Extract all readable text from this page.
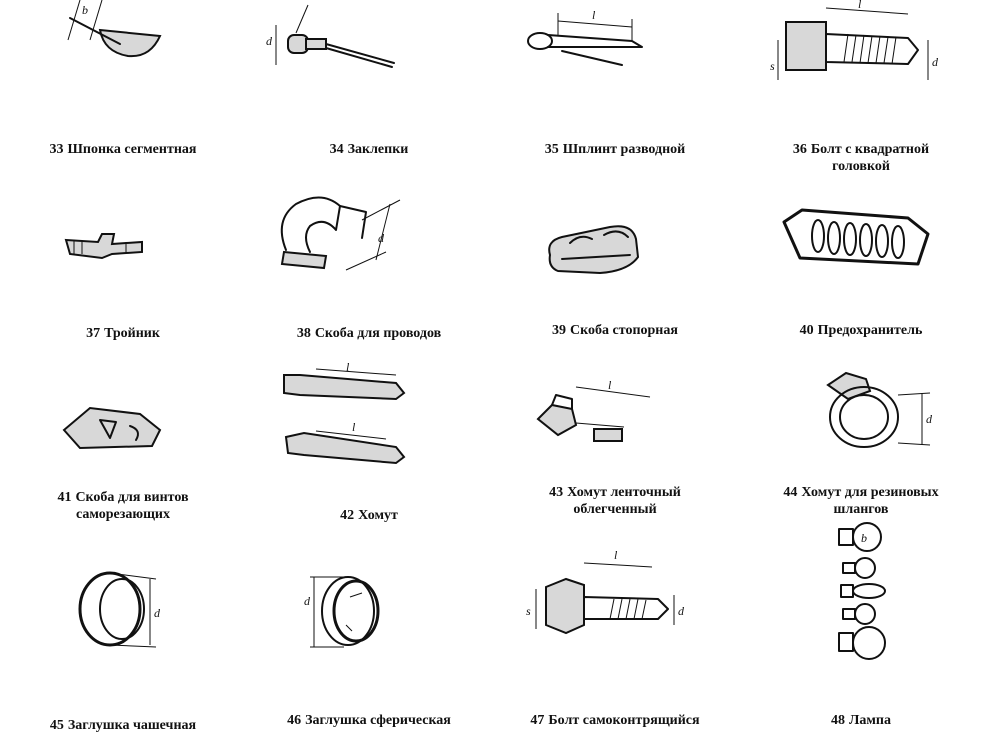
b

33 Шпонка сегментная

d

34 Заклепки

l

35 Шплинт разводной

l
s	d

36 Болт с квадратной
головкой

37 Тройник

d

38 Скоба для проводов	39 Скоба стопорная	40 Предохранитель

41 Скоба для винтов
саморезающих

l
l

42 Хомут

l

43 Хомут ленточный
облегченный

d

44 Хомут для резиновых
шлангов

d

45 Заглушка чашечная

d

46 Заглушка сферическая

l
s	d

47 Болт самоконтрящийся

b

48 Лампа
